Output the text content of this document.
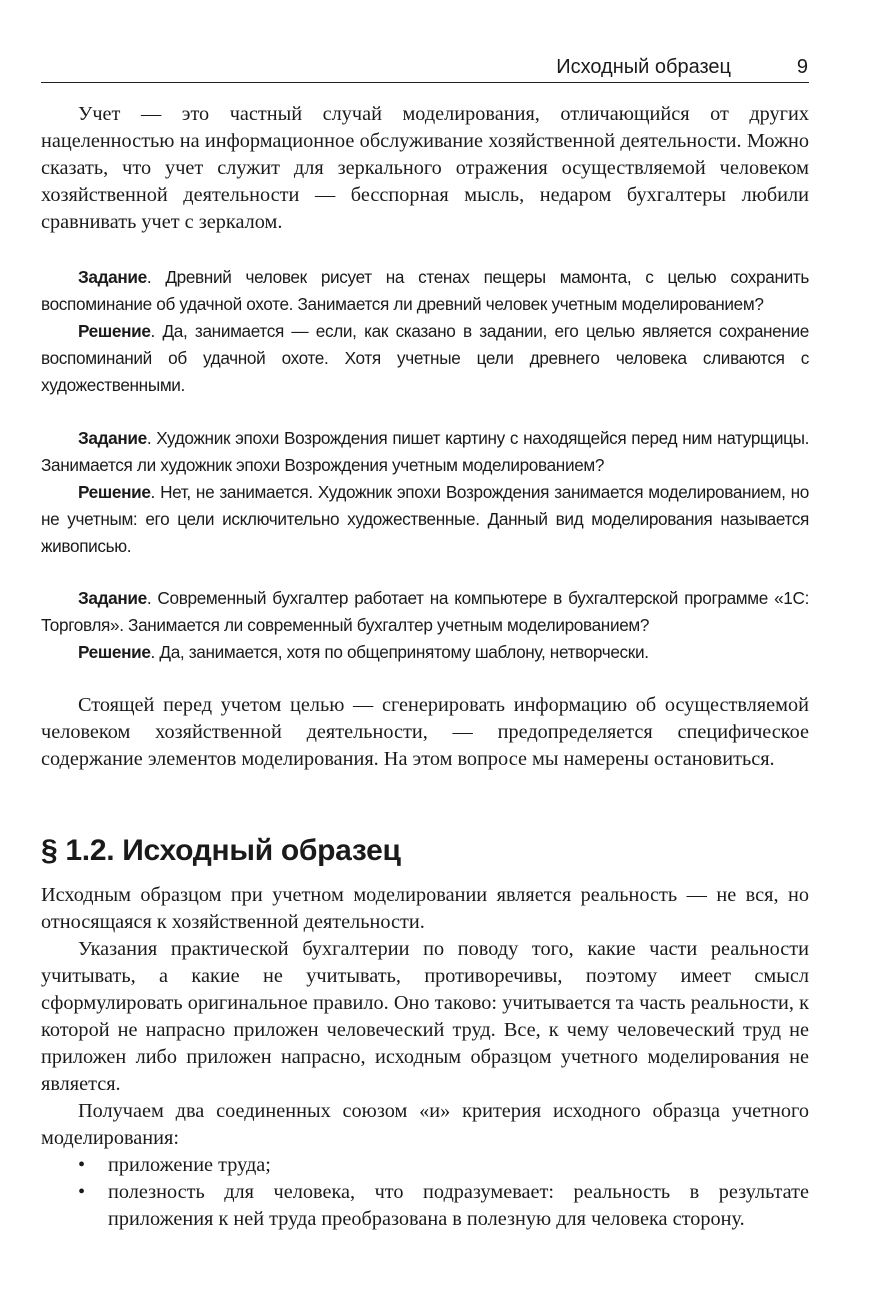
Исходный образец	9

Учет — это частный случай моделирования, отличающийся от других нацеленностью на информационное обслуживание хозяйственной деятельности. Можно сказать, что учет служит для зеркального отражения осуществляемой человеком хозяйственной деятельности — бесспорная мысль, недаром бухгалтеры любили сравнивать учет с зеркалом.

Задание. Древний человек рисует на стенах пещеры мамонта, с целью сохранить воспоминание об удачной охоте. Занимается ли древний человек учетным моделированием?

Решение. Да, занимается — если, как сказано в задании, его целью является сохранение воспоминаний об удачной охоте. Хотя учетные цели древнего человека сливаются с художественными.

Задание. Художник эпохи Возрождения пишет картину с находящейся перед ним натурщицы. Занимается ли художник эпохи Возрождения учетным моделированием?

Решение. Нет, не занимается. Художник эпохи Возрождения занимается моделированием, но не учетным: его цели исключительно художественные. Данный вид моделирования называется живописью.

Задание. Современный бухгалтер работает на компьютере в бухгалтерской программе «1С: Торговля». Занимается ли современный бухгалтер учетным моделированием?

Решение. Да, занимается, хотя по общепринятому шаблону, нетворчески.

Стоящей перед учетом целью — сгенерировать информацию об осуществляемой человеком хозяйственной деятельности, — предопределяется специфическое содержание элементов моделирования. На этом вопросе мы намерены остановиться.

§ 1.2. Исходный образец

Исходным образцом при учетном моделировании является реальность — не вся, но относящаяся к хозяйственной деятельности.

Указания практической бухгалтерии по поводу того, какие части реальности учитывать, а какие не учитывать, противоречивы, поэтому имеет смысл сформулировать оригинальное правило. Оно таково: учитывается та часть реальности, к которой не напрасно приложен человеческий труд. Все, к чему человеческий труд не приложен либо приложен напрасно, исходным образцом учетного моделирования не является.

Получаем два соединенных союзом «и» критерия исходного образца учетного моделирования:

• приложение труда;
• полезность для человека, что подразумевает: реальность в результате приложения к ней труда преобразована в полезную для человека сторону.
